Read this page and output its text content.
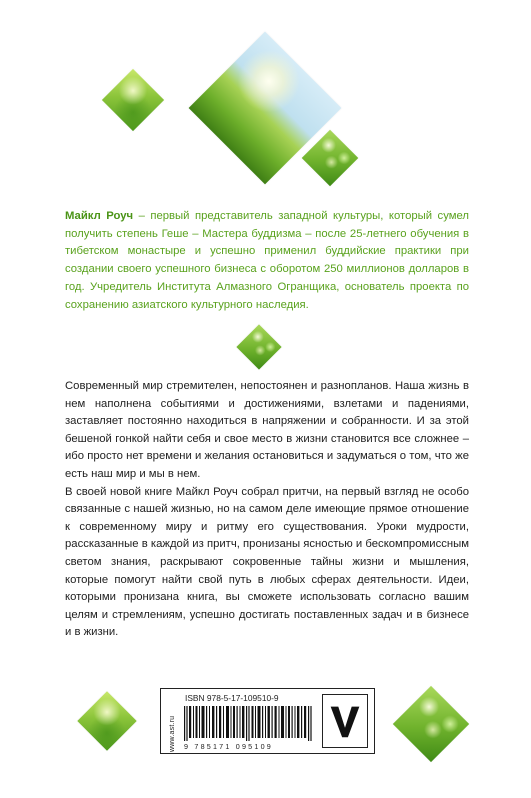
Майкл Роуч – первый представитель западной культуры, который сумел получить степень Геше – Мастера буддизма – после 25-летнего обучения в тибетском монастыре и успешно применил буддийские практики при создании своего успешного бизнеса с оборотом 250 миллионов долларов в год. Учредитель Института Алмазного Огранщика, основатель проекта по сохранению азиатского культурного наследия.

Современный мир стремителен, непостоянен и разнопланов. Наша жизнь в нем наполнена событиями и достижениями, взлетами и падениями, заставляет постоянно находиться в напряжении и собранности. И за этой бешеной гонкой найти себя и свое место в жизни становится все сложнее – ибо просто нет времени и желания остановиться и задуматься о том, что же есть наш мир и мы в нем.

В своей новой книге Майкл Роуч собрал притчи, на первый взгляд не особо связанные с нашей жизнью, но на самом деле имеющие прямое отношение к современному миру и ритму его существования. Уроки мудрости, рассказанные в каждой из притч, пронизаны ясностью и бескомпромиссным светом знания, раскрывают сокровенные тайны жизни и мышления, которые помогут найти свой путь в любых сферах деятельности. Идеи, которыми пронизана книга, вы сможете использовать согласно вашим целям и стремлениям, успешно достигать поставленных задач и в бизнесе и в жизни.

www.ast.ru
ISBN 978-5-17-109510-9
9 785171 095109
